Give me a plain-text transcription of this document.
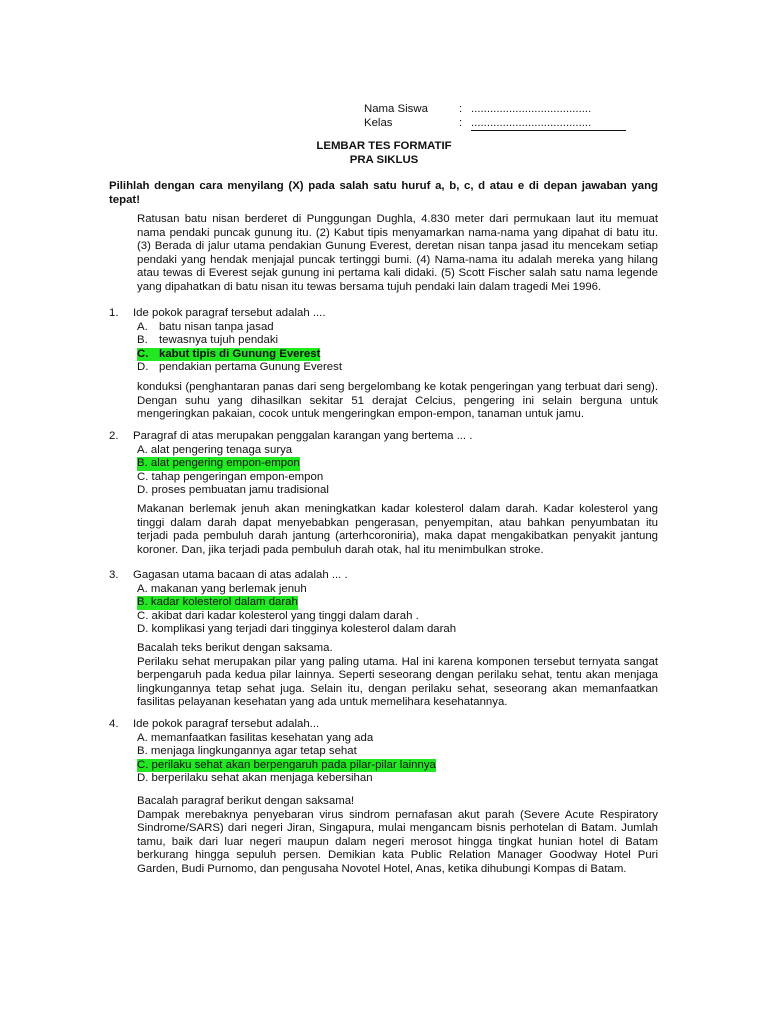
Nama Siswa	: ......................................
Kelas	: ......................................
LEMBAR TES FORMATIF
PRA SIKLUS
Pilihlah dengan cara menyilang (X) pada salah satu huruf a, b, c, d atau e di depan jawaban yang tepat!
Ratusan batu nisan berderet di Punggungan Dughla, 4.830 meter dari permukaan laut itu memuat nama pendaki puncak gunung itu. (2) Kabut tipis menyamarkan nama-nama yang dipahat di batu itu. (3) Berada di jalur utama pendakian Gunung Everest, deretan nisan tanpa jasad itu mencekam setiap pendaki yang hendak menjajal puncak tertinggi bumi. (4) Nama-nama itu adalah mereka yang hilang atau tewas di Everest sejak gunung ini pertama kali didaki. (5) Scott Fischer salah satu nama legende yang dipahatkan di batu nisan itu tewas bersama tujuh pendaki lain dalam tragedi Mei 1996.
1.	Ide pokok paragraf tersebut adalah ....
A. batu nisan tanpa jasad
B. tewasnya tujuh pendaki
C. kabut tipis di Gunung Everest
D. pendakian pertama Gunung Everest
konduksi (penghantaran panas dari seng bergelombang ke kotak pengeringan yang terbuat dari seng). Dengan suhu yang dihasilkan sekitar 51 derajat Celcius, pengering ini selain berguna untuk mengeringkan pakaian, cocok untuk mengeringkan empon-empon, tanaman untuk jamu.
2.	Paragraf di atas merupakan penggalan karangan yang bertema ... .
A. alat pengering tenaga surya
B. alat pengering empon-empon
C. tahap pengeringan empon-empon
D. proses pembuatan jamu tradisional
Makanan berlemak jenuh akan meningkatkan kadar kolesterol dalam darah. Kadar kolesterol yang tinggi dalam darah dapat menyebabkan pengerasan, penyempitan, atau bahkan penyumbatan itu terjadi pada pembuluh darah jantung (arterhcoroniria), maka dapat mengakibatkan penyakit jantung koroner. Dan, jika terjadi pada pembuluh darah otak, hal itu menimbulkan stroke.
3.	Gagasan utama bacaan di atas adalah ... .
A. makanan yang berlemak jenuh
B. kadar kolesterol dalam darah
C. akibat dari kadar kolesterol yang tinggi dalam darah .
D. komplikasi yang terjadi dari tingginya kolesterol dalam darah

Bacalah teks berikut dengan saksama.

Perilaku sehat merupakan pilar yang paling utama. Hal ini karena komponen tersebut ternyata sangat berpengaruh pada kedua pilar lainnya. Seperti seseorang dengan perilaku sehat, tentu akan menjaga lingkungannya tetap sehat juga. Selain itu, dengan perilaku sehat, seseorang akan memanfaatkan fasilitas pelayanan kesehatan yang ada untuk memelihara kesehatannya.

4.	Ide pokok paragraf tersebut adalah...
A. memanfaatkan fasilitas kesehatan yang ada
B. menjaga lingkungannya agar tetap sehat
C. perilaku sehat akan berpengaruh pada pilar-pilar lainnya
D. berperilaku sehat akan menjaga kebersihan

Bacalah paragraf berikut dengan saksama!

Dampak merebaknya penyebaran virus sindrom pernafasan akut parah (Severe Acute Respiratory Sindrome/SARS) dari negeri Jiran, Singapura, mulai mengancam bisnis perhotelan di Batam. Jumlah tamu, baik dari luar negeri maupun dalam negeri merosot hingga tingkat hunian hotel di Batam berkurang hingga sepuluh persen. Demikian kata Public Relation Manager Goodway Hotel Puri Garden, Budi Purnomo, dan pengusaha Novotel Hotel, Anas, ketika dihubungi Kompas di Batam.
